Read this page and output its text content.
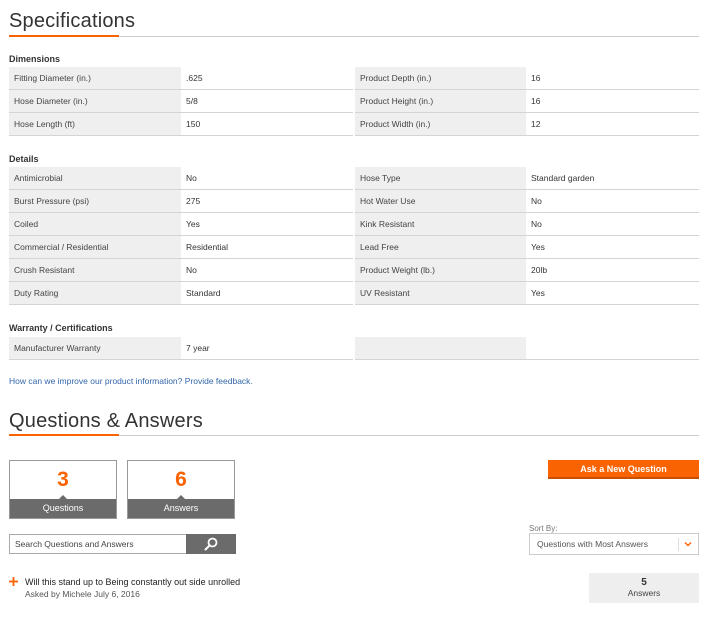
Specifications
Dimensions
Fitting Diameter (in.)	.625	Product Depth (in.)	16
Hose Diameter (in.)	5/8	Product Height (in.)	16
Hose Length (ft)	150	Product Width (in.)	12
Details
Antimicrobial	No	Hose Type	Standard garden
Burst Pressure (psi)	275	Hot Water Use	No
Coiled	Yes	Kink Resistant	No
Commercial / Residential	Residential	Lead Free	Yes
Crush Resistant	No	Product Weight (lb.)	20lb
Duty Rating	Standard	UV Resistant	Yes
Warranty / Certifications
Manufacturer Warranty	7 year
How can we improve our product information? Provide feedback.
Questions & Answers
3
Questions
6
Answers
Ask a New Question
Sort By:
Questions with Most Answers
Search Questions and Answers
Will this stand up to Being constantly out side unrolled
Asked by Michele July 6, 2016
5
Answers
